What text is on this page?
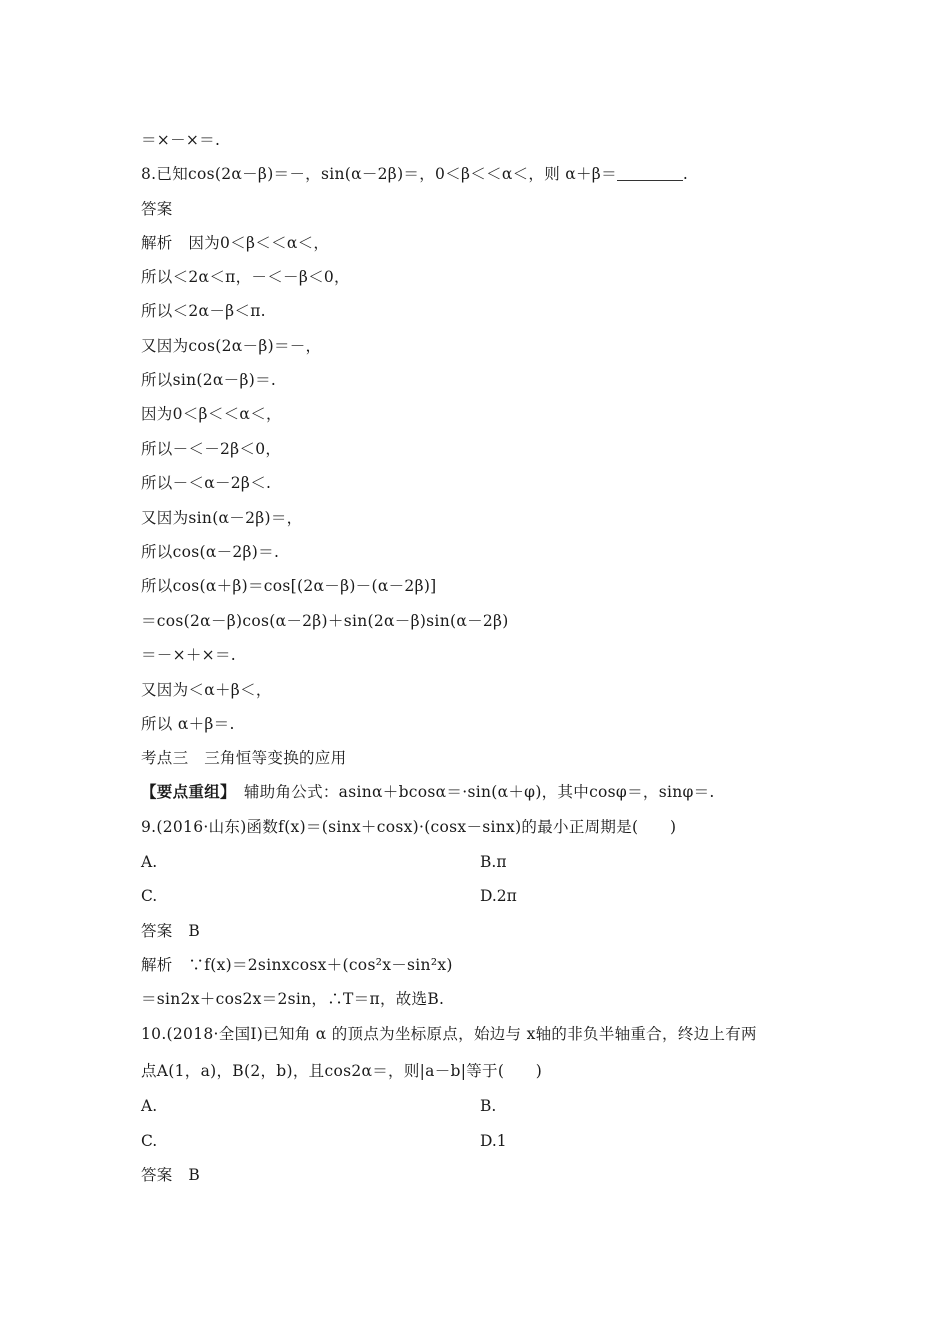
＝×－×＝.
8.已知cos(2α－β)＝－，sin(α－2β)＝，0＜β＜＜α＜，则 α＋β＝	.
答案
解析　因为0＜β＜＜α＜，
所以＜2α＜π，－＜－β＜0，
所以＜2α－β＜π.
又因为cos(2α－β)＝－，
所以sin(2α－β)＝.
因为0＜β＜＜α＜，
所以－＜－2β＜0，
所以－＜α－2β＜.
又因为sin(α－2β)＝，
所以cos(α－2β)＝.
所以cos(α＋β)＝cos[(2α－β)－(α－2β)]
＝cos(2α－β)cos(α－2β)＋sin(2α－β)sin(α－2β)
＝－×＋×＝.
又因为＜α＋β＜，
所以 α＋β＝.
考点三　三角恒等变换的应用
【要点重组】　 辅助角公式：asinα＋bcosα＝·sin(α＋φ)，其中cosφ＝，sinφ＝.
9.(2016·山东)函数f(x)＝(sinx＋cosx)·(cosx－sinx)的最小正周期是(　　)
A.	B.π
C.	D.2π
答案　B
解析　∵f(x)＝2sinxcosx＋(cos²x－sin²x)
＝sin2x＋cos2x＝2sin，∴T＝π，故选B.
10.(2018·全国Ⅰ)已知角 α 的顶点为坐标原点，始边与 x轴的非负半轴重合，终边上有两
点A(1，a)，B(2，b)，且cos2α＝，则|a－b|等于(　　)
A.	B.
C.	D.1
答案　B
